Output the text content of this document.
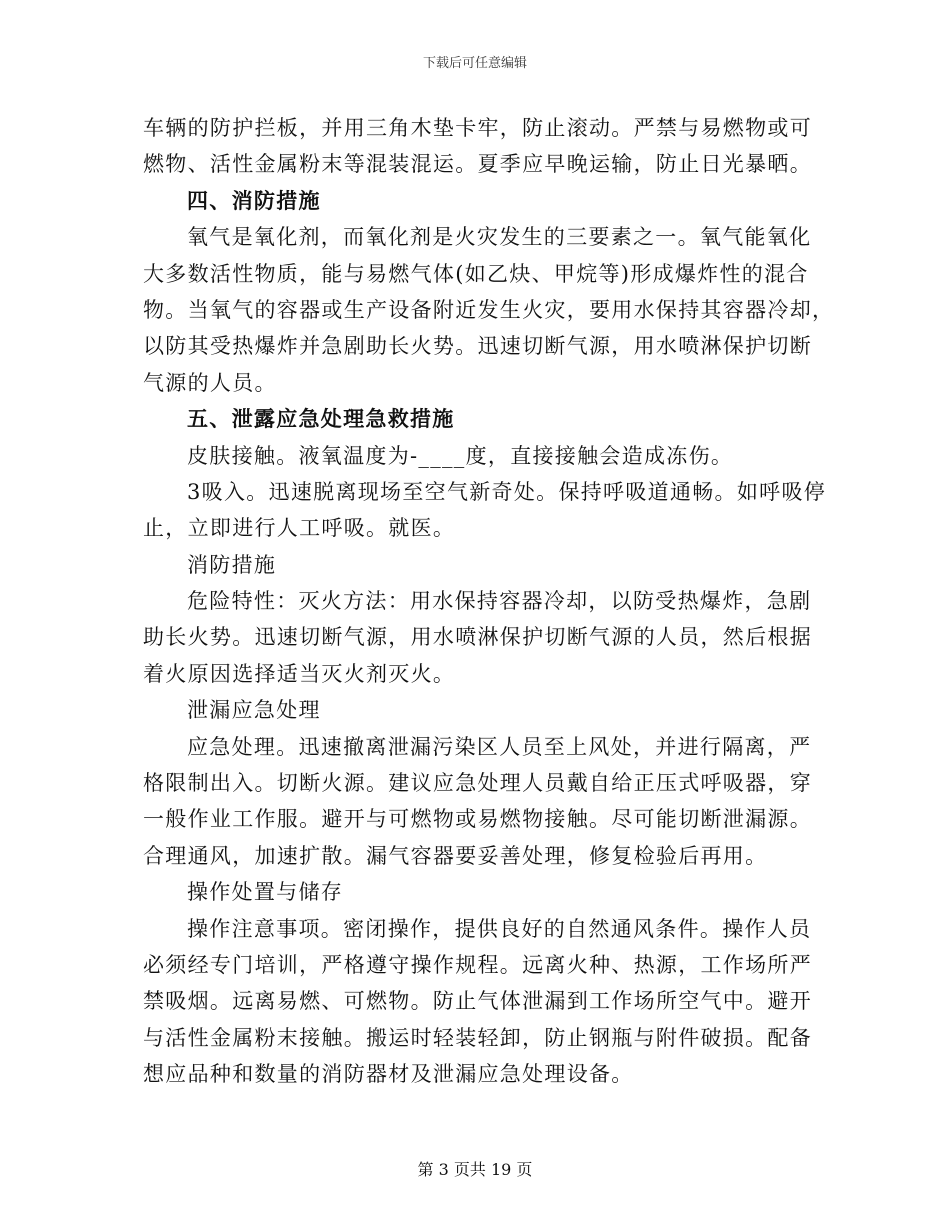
下载后可任意编辑
车辆的防护拦板，并用三角木垫卡牢，防止滚动。严禁与易燃物或可
燃物、活性金属粉末等混装混运。夏季应早晚运输，防止日光暴晒。
四、消防措施
氧气是氧化剂，而氧化剂是火灾发生的三要素之一。氧气能氧化
大多数活性物质，能与易燃气体(如乙炔、甲烷等)形成爆炸性的混合
物。当氧气的容器或生产设备附近发生火灾，要用水保持其容器冷却，
以防其受热爆炸并急剧助长火势。迅速切断气源，用水喷淋保护切断
气源的人员。
五、泄露应急处理急救措施
皮肤接触。液氧温度为-____度，直接接触会造成冻伤。
3吸入。迅速脱离现场至空气新奇处。保持呼吸道通畅。如呼吸停
止，立即进行人工呼吸。就医。
消防措施
危险特性：灭火方法：用水保持容器冷却，以防受热爆炸，急剧
助长火势。迅速切断气源，用水喷淋保护切断气源的人员，然后根据
着火原因选择适当灭火剂灭火。
泄漏应急处理
应急处理。迅速撤离泄漏污染区人员至上风处，并进行隔离，严
格限制出入。切断火源。建议应急处理人员戴自给正压式呼吸器，穿
一般作业工作服。避开与可燃物或易燃物接触。尽可能切断泄漏源。
合理通风，加速扩散。漏气容器要妥善处理，修复检验后再用。
操作处置与储存
操作注意事项。密闭操作，提供良好的自然通风条件。操作人员
必须经专门培训，严格遵守操作规程。远离火种、热源，工作场所严
禁吸烟。远离易燃、可燃物。防止气体泄漏到工作场所空气中。避开
与活性金属粉末接触。搬运时轻装轻卸，防止钢瓶与附件破损。配备
想应品种和数量的消防器材及泄漏应急处理设备。
第 3 页共 19 页
